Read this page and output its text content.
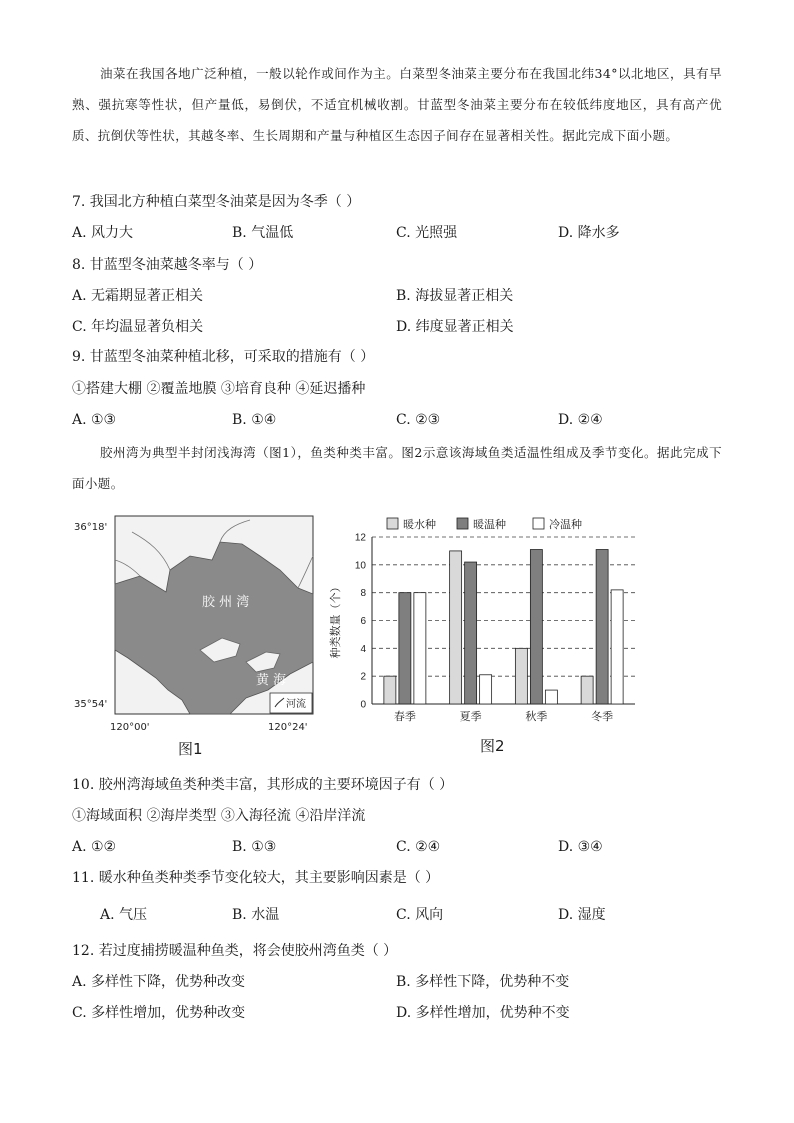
油菜在我国各地广泛种植，一般以轮作或间作为主。白菜型冬油菜主要分布在我国北纬34°以北地区，具有早熟、强抗寒等性状，但产量低，易倒伏，不适宜机械收割。甘蓝型冬油菜主要分布在较低纬度地区，具有高产优质、抗倒伏等性状，其越冬率、生长周期和产量与种植区生态因子间存在显著相关性。据此完成下面小题。
7. 我国北方种植白菜型冬油菜是因为冬季（ ）
A. 风力大	B. 气温低	C. 光照强	D. 降水多
8. 甘蓝型冬油菜越冬率与（ ）
A. 无霜期显著正相关	B. 海拔显著正相关
C. 年均温显著负相关	D. 纬度显著正相关
9. 甘蓝型冬油菜种植北移，可采取的措施有（ ）
①搭建大棚 ②覆盖地膜 ③培育良种 ④延迟播种
A. ①③	B. ①④	C. ②③	D. ②④
胶州湾为典型半封闭浅海湾（图1），鱼类种类丰富。图2示意该海域鱼类适温性组成及季节变化。据此完成下面小题。
胶 州 湾
黄 海
河流
36°18'
35°54'
120°00'	120°24'
图1
暖水种	暖温种	冷温种
0
2
4
6
8
10
12
春季	夏季	秋季	冬季
种类数量（个）
图2
10. 胶州湾海域鱼类种类丰富，其形成的主要环境因子有（ ）
①海域面积 ②海岸类型 ③入海径流 ④沿岸洋流
A. ①②	B. ①③	C. ②④	D. ③④
11. 暖水种鱼类种类季节变化较大，其主要影响因素是（ ）
A. 气压	B. 水温	C. 风向	D. 湿度
12. 若过度捕捞暖温种鱼类，将会使胶州湾鱼类（ ）
A. 多样性下降，优势种改变	B. 多样性下降，优势种不变
C. 多样性增加，优势种改变	D. 多样性增加，优势种不变
